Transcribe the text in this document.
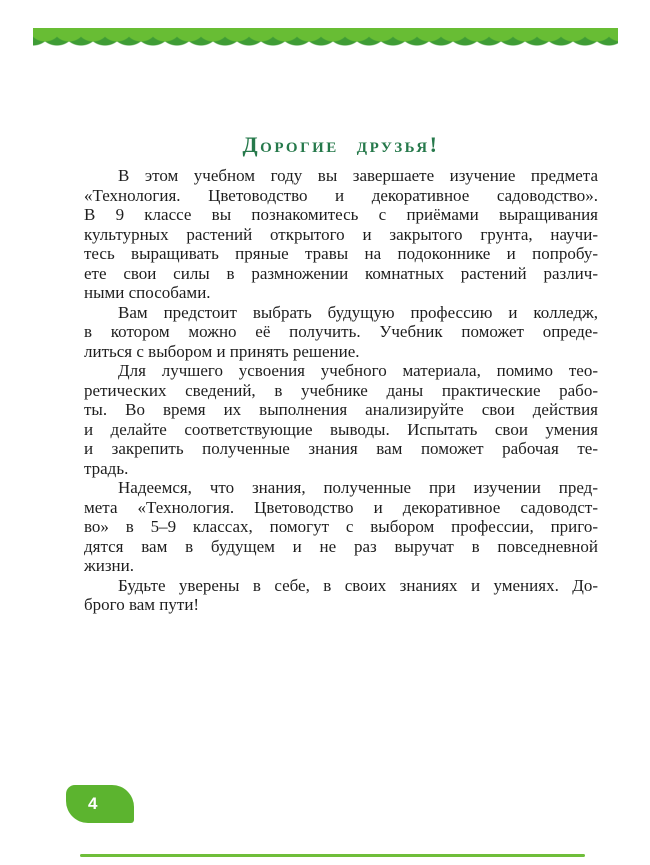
Дорогие друзья!
В этом учебном году вы завершаете изучение предмета
«Технология. Цветоводство и декоративное садоводство».
В 9 классе вы познакомитесь с приёмами выращивания
культурных растений открытого и закрытого грунта, научи-
тесь выращивать пряные травы на подоконнике и попробу-
ете свои силы в размножении комнатных растений различ-
ными способами.
Вам предстоит выбрать будущую профессию и колледж,
в котором можно её получить. Учебник поможет опреде-
литься с выбором и принять решение.
Для лучшего усвоения учебного материала, помимо тео-
ретических сведений, в учебнике даны практические рабо-
ты. Во время их выполнения анализируйте свои действия
и делайте соответствующие выводы. Испытать свои умения
и закрепить полученные знания вам поможет рабочая те-
традь.
Надеемся, что знания, полученные при изучении пред-
мета «Технология. Цветоводство и декоративное садоводст-
во» в 5–9 классах, помогут с выбором профессии, приго-
дятся вам в будущем и не раз выручат в повседневной
жизни.
Будьте уверены в себе, в своих знаниях и умениях. До-
брого вам пути!
4
